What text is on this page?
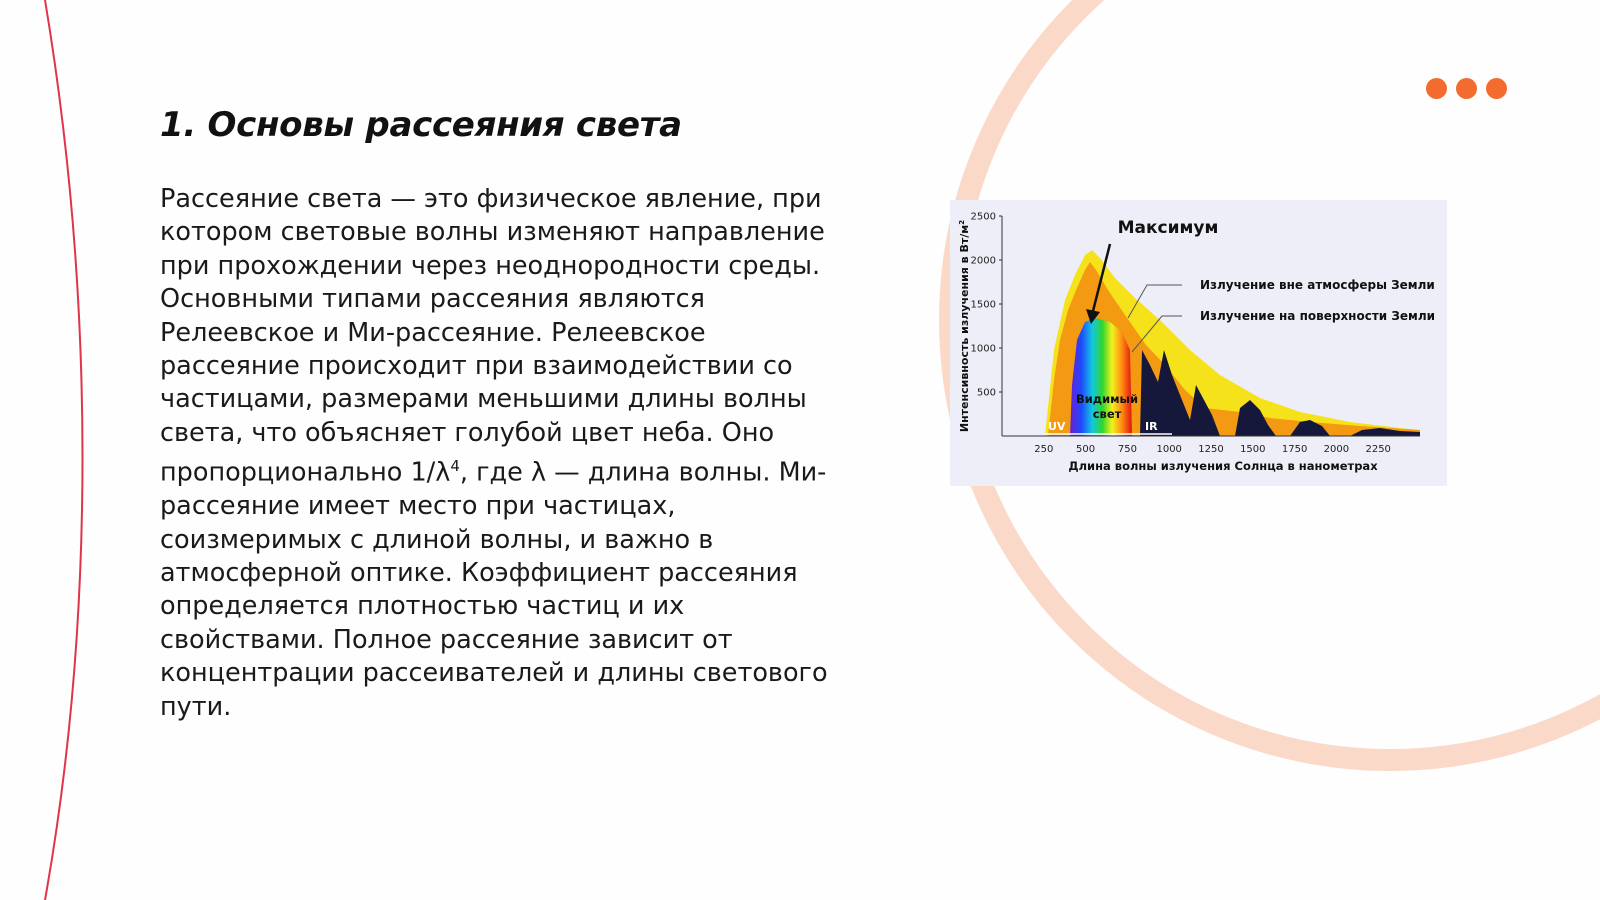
1. Основы рассеяния света

Рассеяние света — это физическое явление, при котором световые волны изменяют направление при прохождении через неоднородности среды. Основными типами рассеяния являются Релеевское и Ми-рассеяние. Релеевское рассеяние происходит при взаимодействии со частицами, размерами меньшими длины волны света, что объясняет голубой цвет неба. Оно пропорционально $1/\lambda^4$, где λ — длина волны. Ми-рассеяние имеет место при частицах, соизмеримых с длиной волны, и важно в атмосферной оптике. Коэффициент рассеяния определяется плотностью частиц и их свойствами. Полное рассеяние зависит от концентрации рассеивателей и длины светового пути.

500
1000
1500
2000
2500
250 500 750 1000 1250 1500 1750 2000 2250
UV	IR
Видимый
свет
Максимум
Излучение вне атмосферы Земли
Излучение на поверхности Земли
Интенсивность излучения в $Вт/м^2$
Длина волны излучения Солнца в нанометрах
